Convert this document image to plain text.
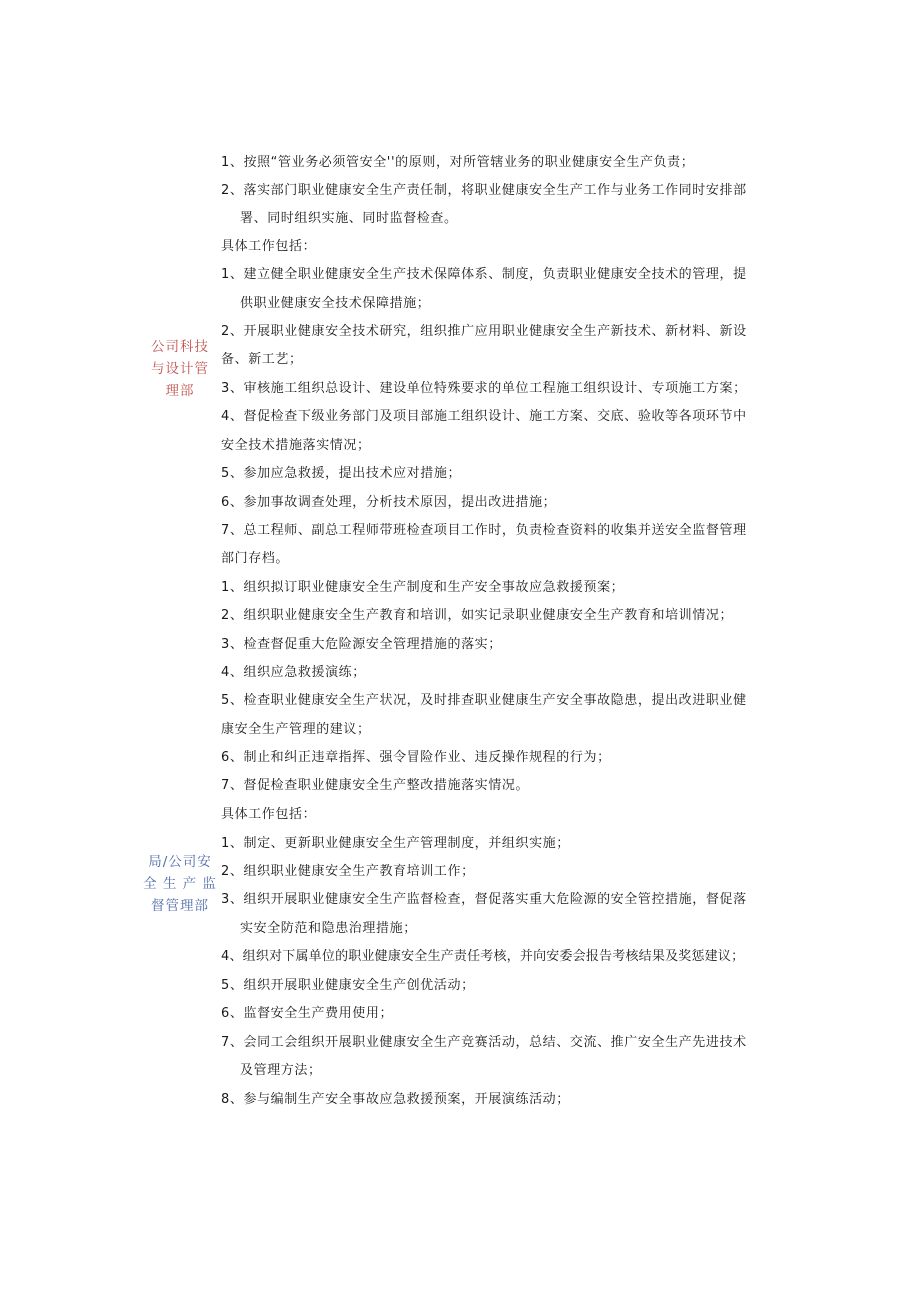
公司科技
与设计管
理部
局/公司安
全 生 产 监
督管理部
1、按照“管业务必须管安全''的原则，对所管辖业务的职业健康安全生产负责；
2、落实部门职业健康安全生产责任制，将职业健康安全生产工作与业务工作同时安排部
署、同时组织实施、同时监督检查。
具体工作包括：
1、建立健全职业健康安全生产技术保障体系、制度，负责职业健康安全技术的管理，提
供职业健康安全技术保障措施；
2、开展职业健康安全技术研究，组织推广应用职业健康安全生产新技术、新材料、新设
备、新工艺；
3、审核施工组织总设计、建设单位特殊要求的单位工程施工组织设计、专项施工方案；
4、督促检查下级业务部门及项目部施工组织设计、施工方案、交底、验收等各项环节中
安全技术措施落实情况；
5、参加应急救援，提出技术应对措施；
6、参加事故调查处理，分析技术原因，提出改进措施；
7、总工程师、副总工程师带班检查项目工作时，负责检查资料的收集并送安全监督管理
部门存档。
1、组织拟订职业健康安全生产制度和生产安全事故应急救援预案；
2、组织职业健康安全生产教育和培训，如实记录职业健康安全生产教育和培训情况；
3、检查督促重大危险源安全管理措施的落实；
4、组织应急救援演练；
5、检查职业健康安全生产状况，及时排查职业健康生产安全事故隐患，提出改进职业健
康安全生产管理的建议；
6、制止和纠正违章指挥、强令冒险作业、违反操作规程的行为；
7、督促检查职业健康安全生产整改措施落实情况。
具体工作包括：
1、制定、更新职业健康安全生产管理制度，并组织实施；
2、组织职业健康安全生产教育培训工作；
3、组织开展职业健康安全生产监督检查，督促落实重大危险源的安全管控措施，督促落
实安全防范和隐患治理措施；
4、组织对下属单位的职业健康安全生产责任考核，并向安委会报告考核结果及奖惩建议；
5、组织开展职业健康安全生产创优活动；
6、监督安全生产费用使用；
7、会同工会组织开展职业健康安全生产竞赛活动，总结、交流、推广安全生产先进技术
及管理方法；
8、参与编制生产安全事故应急救援预案，开展演练活动；
